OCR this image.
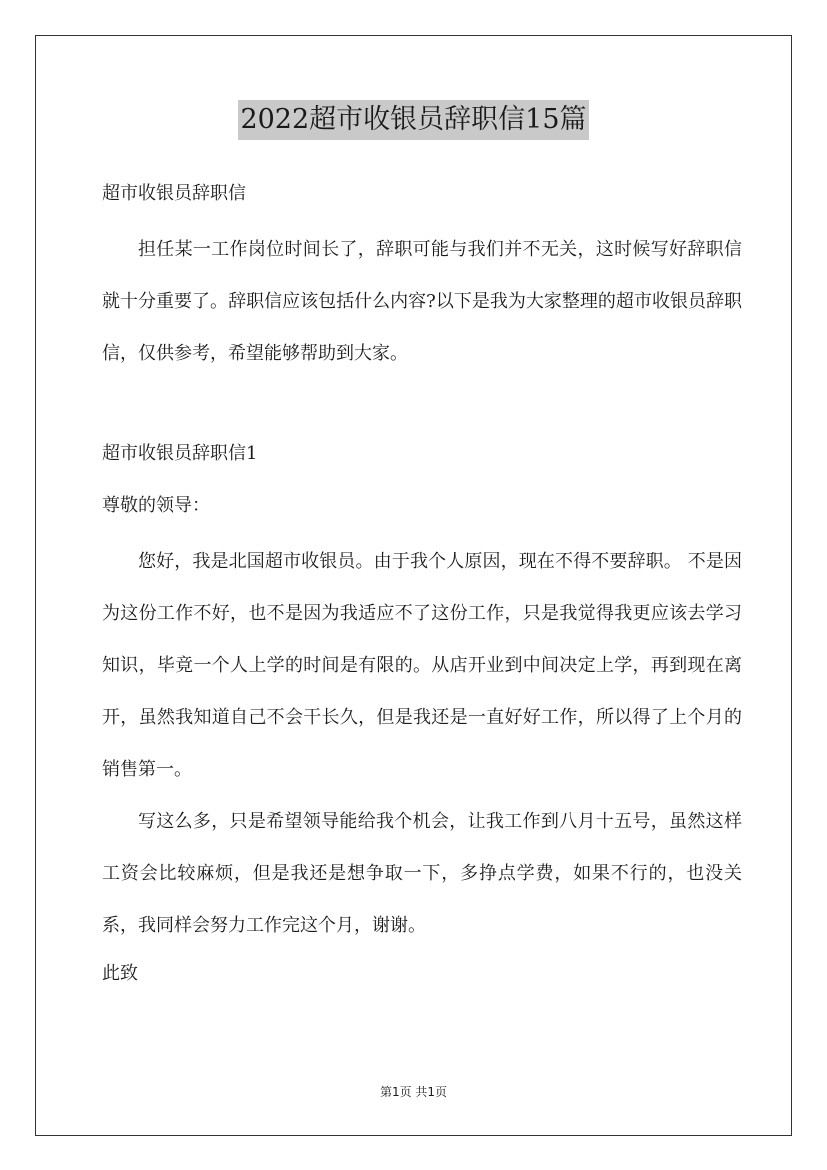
2022超市收银员辞职信15篇
超市收银员辞职信
担任某一工作岗位时间长了，辞职可能与我们并不无关，这时候写好辞职信就十分重要了。辞职信应该包括什么内容?以下是我为大家整理的超市收银员辞职信，仅供参考，希望能够帮助到大家。
超市收银员辞职信1
尊敬的领导：
您好，我是北国超市收银员。由于我个人原因，现在不得不要辞职。 不是因为这份工作不好，也不是因为我适应不了这份工作，只是我觉得我更应该去学习知识，毕竟一个人上学的时间是有限的。从店开业到中间决定上学，再到现在离开，虽然我知道自己不会干长久，但是我还是一直好好工作，所以得了上个月的销售第一。
写这么多，只是希望领导能给我个机会，让我工作到八月十五号，虽然这样工资会比较麻烦，但是我还是想争取一下，多挣点学费，如果不行的，也没关系，我同样会努力工作完这个月，谢谢。
此致
第1页 共1页
